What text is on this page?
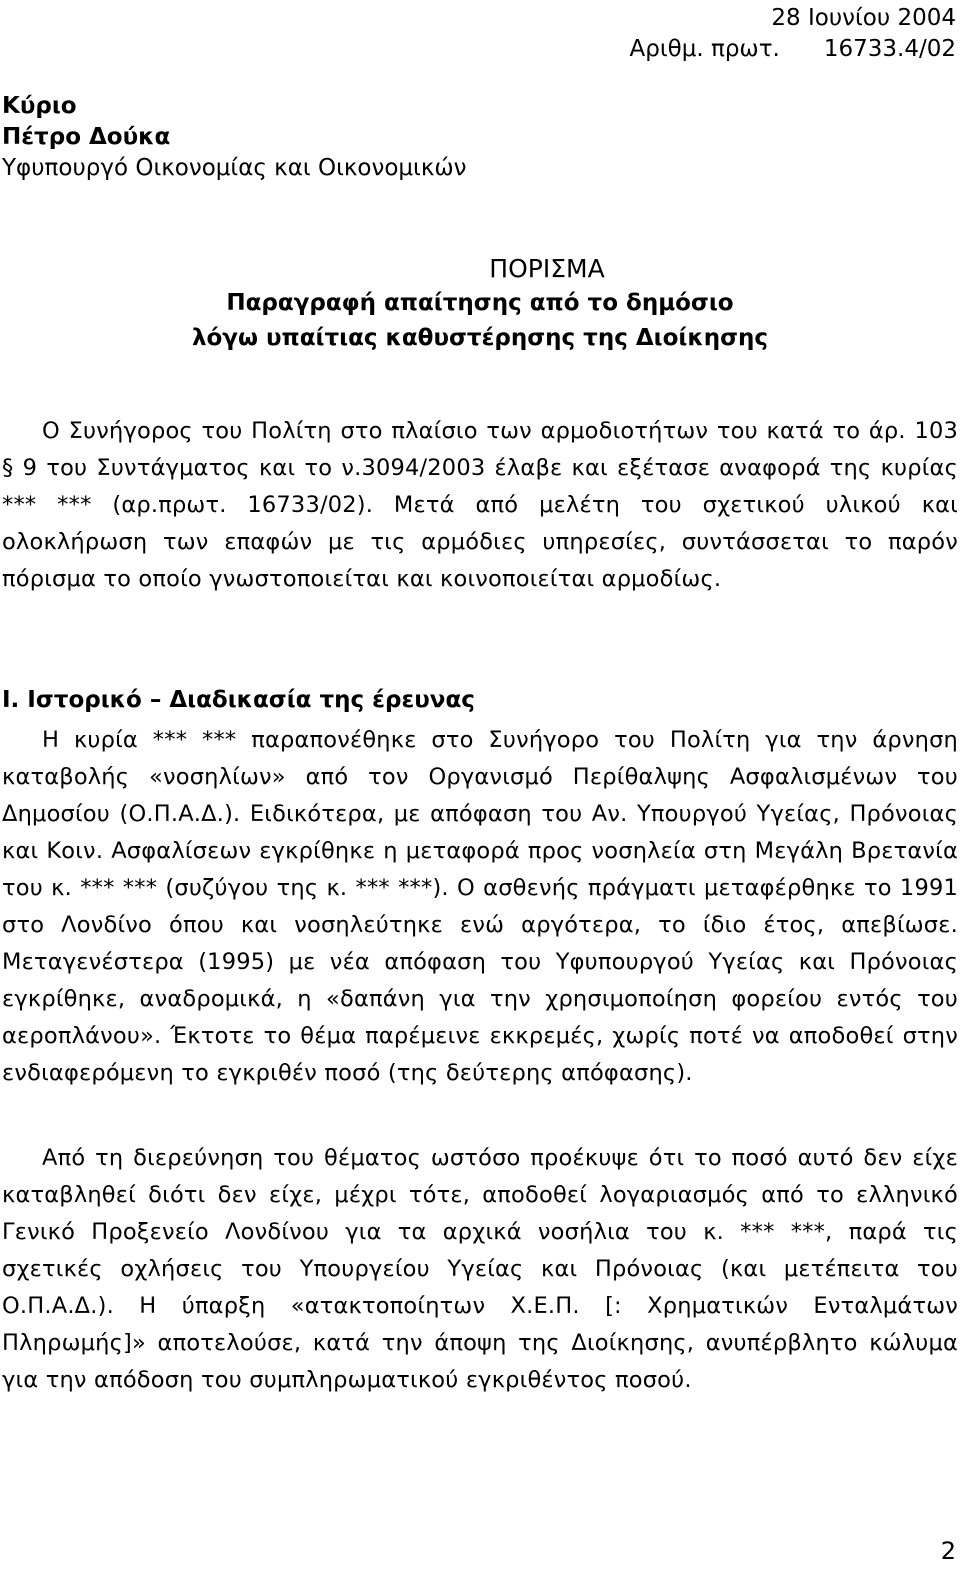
28 Ιουνίου 2004
Αριθμ. πρωτ. 16733.4/02
Κύριο
Πέτρο Δούκα
Υφυπουργό Οικονομίας και Οικονομικών
ΠΟΡΙΣΜΑ
Παραγραφή απαίτησης από το δημόσιο
λόγω υπαίτιας καθυστέρησης της Διοίκησης

Ο Συνήγορος του Πολίτη στο πλαίσιο των αρμοδιοτήτων του κατά το άρ. 103 § 9 του Συντάγματος και το ν.3094/2003 έλαβε και εξέτασε αναφορά της κυρίας *** *** (αρ.πρωτ. 16733/02). Μετά από μελέτη του σχετικού υλικού και ολοκλήρωση των επαφών με τις αρμόδιες υπηρεσίες, συντάσσεται το παρόν πόρισμα το οποίο γνωστοποιείται και κοινοποιείται αρμοδίως.

Ι. Ιστορικό – Διαδικασία της έρευνας

Η κυρία *** *** παραπονέθηκε στο Συνήγορο του Πολίτη για την άρνηση καταβολής «νοσηλίων» από τον Οργανισμό Περίθαλψης Ασφαλισμένων του Δημοσίου (Ο.Π.Α.Δ.). Ειδικότερα, με απόφαση του Αν. Υπουργού Υγείας, Πρόνοιας και Κοιν. Ασφαλίσεων εγκρίθηκε η μεταφορά προς νοσηλεία στη Μεγάλη Βρετανία του κ. *** *** (συζύγου της κ. *** ***). Ο ασθενής πράγματι μεταφέρθηκε το 1991 στο Λονδίνο όπου και νοσηλεύτηκε ενώ αργότερα, το ίδιο έτος, απεβίωσε. Μεταγενέστερα (1995) με νέα απόφαση του Υφυπουργού Υγείας και Πρόνοιας εγκρίθηκε, αναδρομικά, η «δαπάνη για την χρησιμοποίηση φορείου εντός του αεροπλάνου». Έκτοτε το θέμα παρέμεινε εκκρεμές, χωρίς ποτέ να αποδοθεί στην ενδιαφερόμενη το εγκριθέν ποσό (της δεύτερης απόφασης).

Από τη διερεύνηση του θέματος ωστόσο προέκυψε ότι το ποσό αυτό δεν είχε καταβληθεί διότι δεν είχε, μέχρι τότε, αποδοθεί λογαριασμός από το ελληνικό Γενικό Προξενείο Λονδίνου για τα αρχικά νοσήλια του κ. *** ***, παρά τις σχετικές οχλήσεις του Υπουργείου Υγείας και Πρόνοιας (και μετέπειτα του Ο.Π.Α.Δ.). Η ύπαρξη «ατακτοποίητων Χ.Ε.Π. [: Χρηματικών Ενταλμάτων Πληρωμής]» αποτελούσε, κατά την άποψη της Διοίκησης, ανυπέρβλητο κώλυμα για την απόδοση του συμπληρωματικού εγκριθέντος ποσού.

2
